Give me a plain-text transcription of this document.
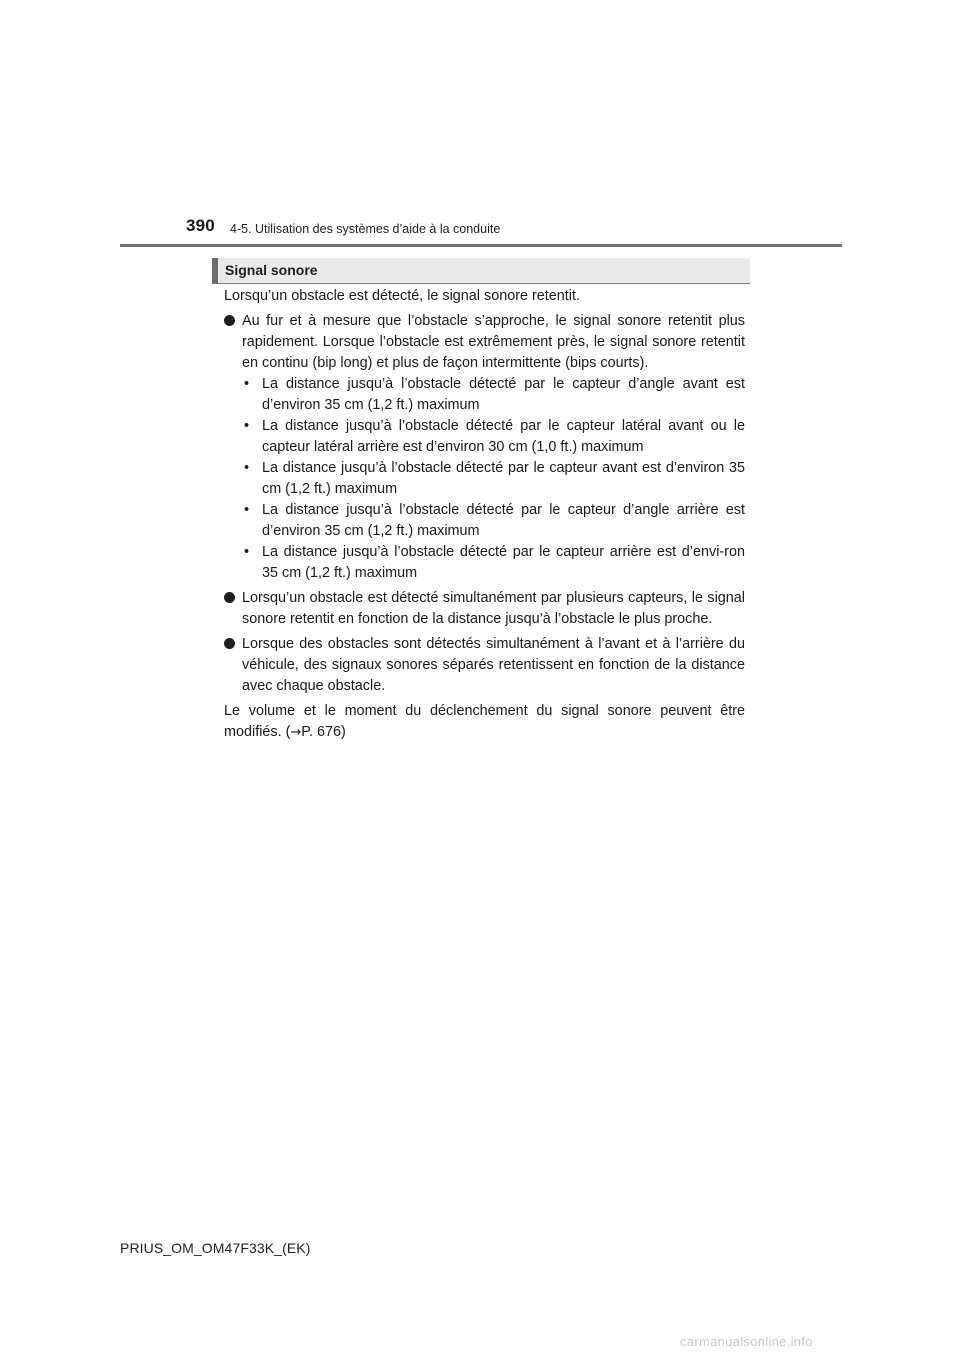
390 4-5. Utilisation des systèmes d’aide à la conduite
Signal sonore

Lorsqu’un obstacle est détecté, le signal sonore retentit.

Au fur et à mesure que l’obstacle s’approche, le signal sonore retentit plus rapidement. Lorsque l’obstacle est extrêmement près, le signal sonore retentit en continu (bip long) et plus de façon intermittente (bips courts).

• La distance jusqu’à l’obstacle détecté par le capteur d’angle avant est d’environ 35 cm (1,2 ft.) maximum

• La distance jusqu’à l’obstacle détecté par le capteur latéral avant ou le capteur latéral arrière est d’environ 30 cm (1,0 ft.) maximum

• La distance jusqu’à l’obstacle détecté par le capteur avant est d’environ 35 cm (1,2 ft.) maximum

• La distance jusqu’à l’obstacle détecté par le capteur d’angle arrière est d’environ 35 cm (1,2 ft.) maximum

• La distance jusqu’à l’obstacle détecté par le capteur arrière est d’envi-ron 35 cm (1,2 ft.) maximum

Lorsqu’un obstacle est détecté simultanément par plusieurs capteurs, le signal sonore retentit en fonction de la distance jusqu’à l’obstacle le plus proche.

Lorsque des obstacles sont détectés simultanément à l’avant et à l’arrière du véhicule, des signaux sonores séparés retentissent en fonction de la distance avec chaque obstacle.

Le volume et le moment du déclenchement du signal sonore peuvent être modifiés. (→P. 676)

PRIUS_OM_OM47F33K_(EK)
carmanualsonline.info
